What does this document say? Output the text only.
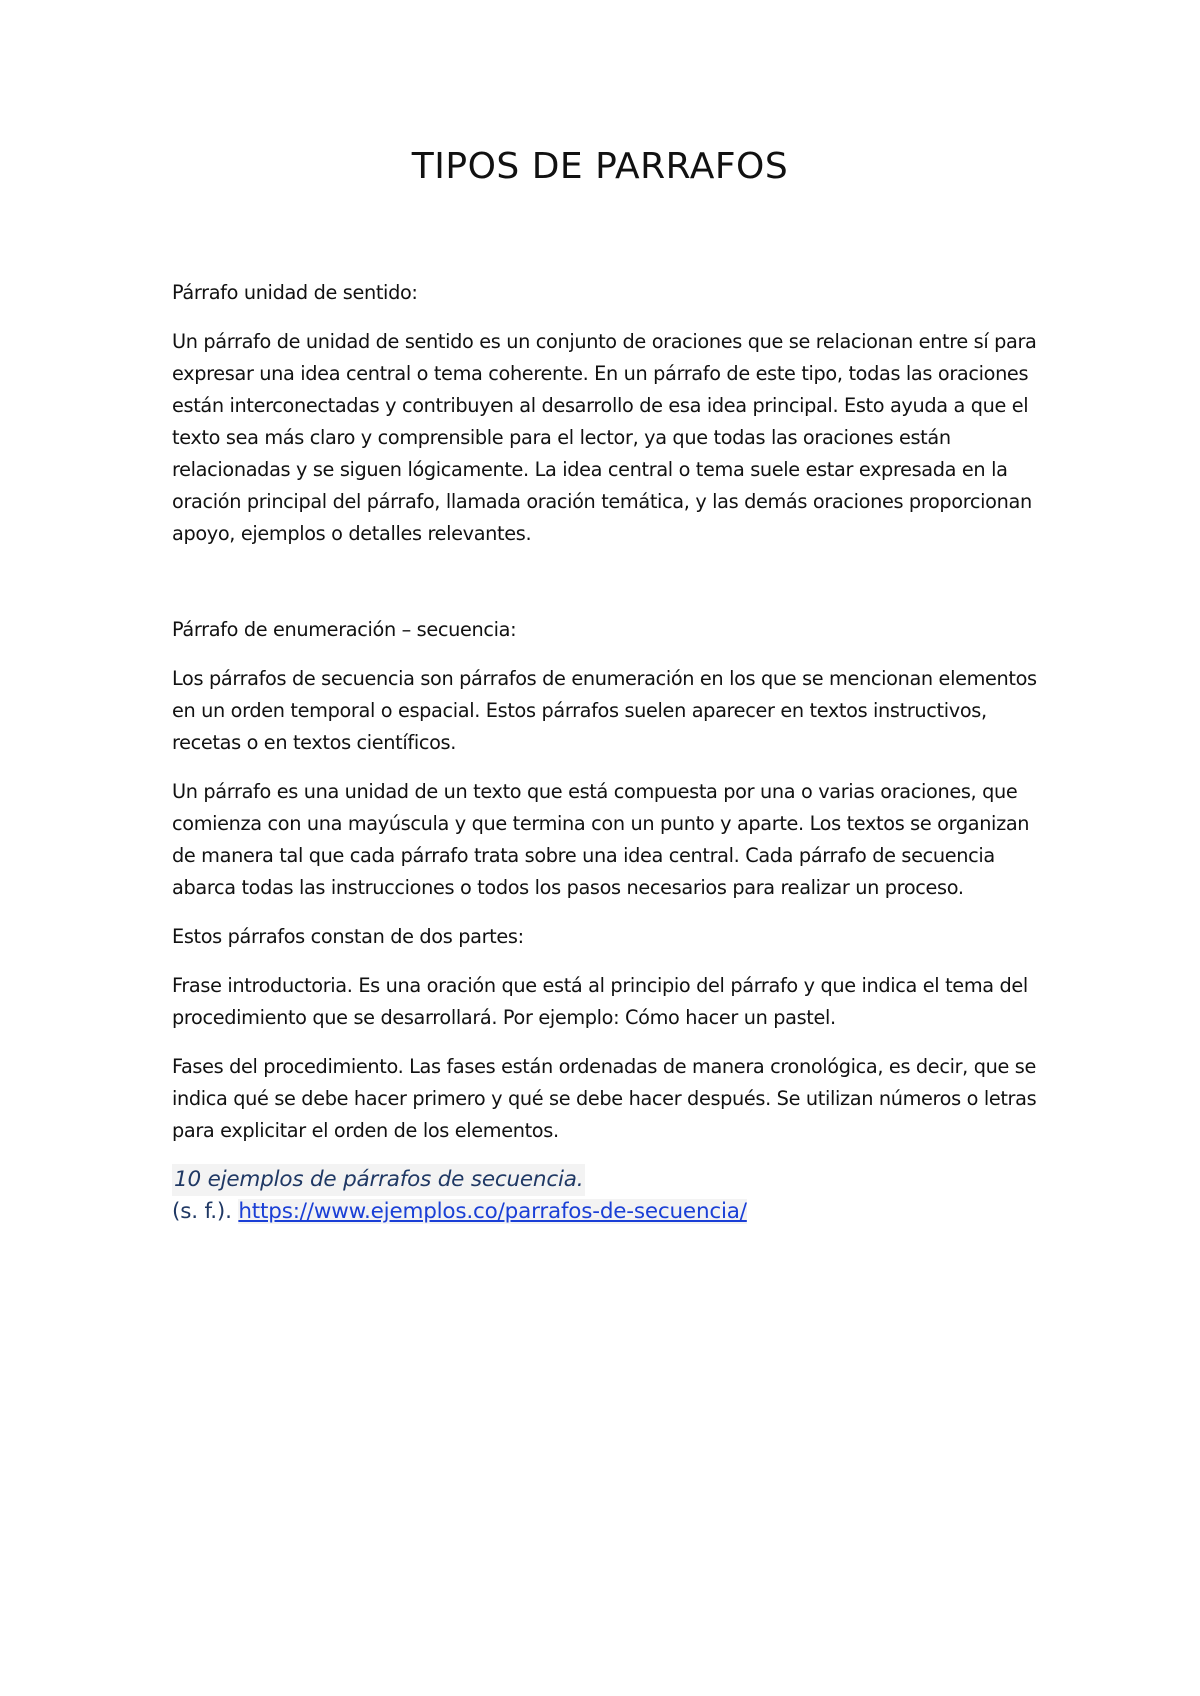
TIPOS DE PARRAFOS

Párrafo unidad de sentido:

Un párrafo de unidad de sentido es un conjunto de oraciones que se relacionan entre sí para expresar una idea central o tema coherente. En un párrafo de este tipo, todas las oraciones están interconectadas y contribuyen al desarrollo de esa idea principal. Esto ayuda a que el texto sea más claro y comprensible para el lector, ya que todas las oraciones están relacionadas y se siguen lógicamente. La idea central o tema suele estar expresada en la oración principal del párrafo, llamada oración temática, y las demás oraciones proporcionan apoyo, ejemplos o detalles relevantes.

Párrafo de enumeración – secuencia:

Los párrafos de secuencia son párrafos de enumeración en los que se mencionan elementos en un orden temporal o espacial. Estos párrafos suelen aparecer en textos instructivos, recetas o en textos científicos.

Un párrafo es una unidad de un texto que está compuesta por una o varias oraciones, que comienza con una mayúscula y que termina con un punto y aparte. Los textos se organizan de manera tal que cada párrafo trata sobre una idea central. Cada párrafo de secuencia abarca todas las instrucciones o todos los pasos necesarios para realizar un proceso.

Estos párrafos constan de dos partes:

Frase introductoria. Es una oración que está al principio del párrafo y que indica el tema del procedimiento que se desarrollará. Por ejemplo: Cómo hacer un pastel.

Fases del procedimiento. Las fases están ordenadas de manera cronológica, es decir, que se indica qué se debe hacer primero y qué se debe hacer después. Se utilizan números o letras para explicitar el orden de los elementos.

10 ejemplos de párrafos de secuencia.
(s. f.). https://www.ejemplos.co/parrafos-de-secuencia/
